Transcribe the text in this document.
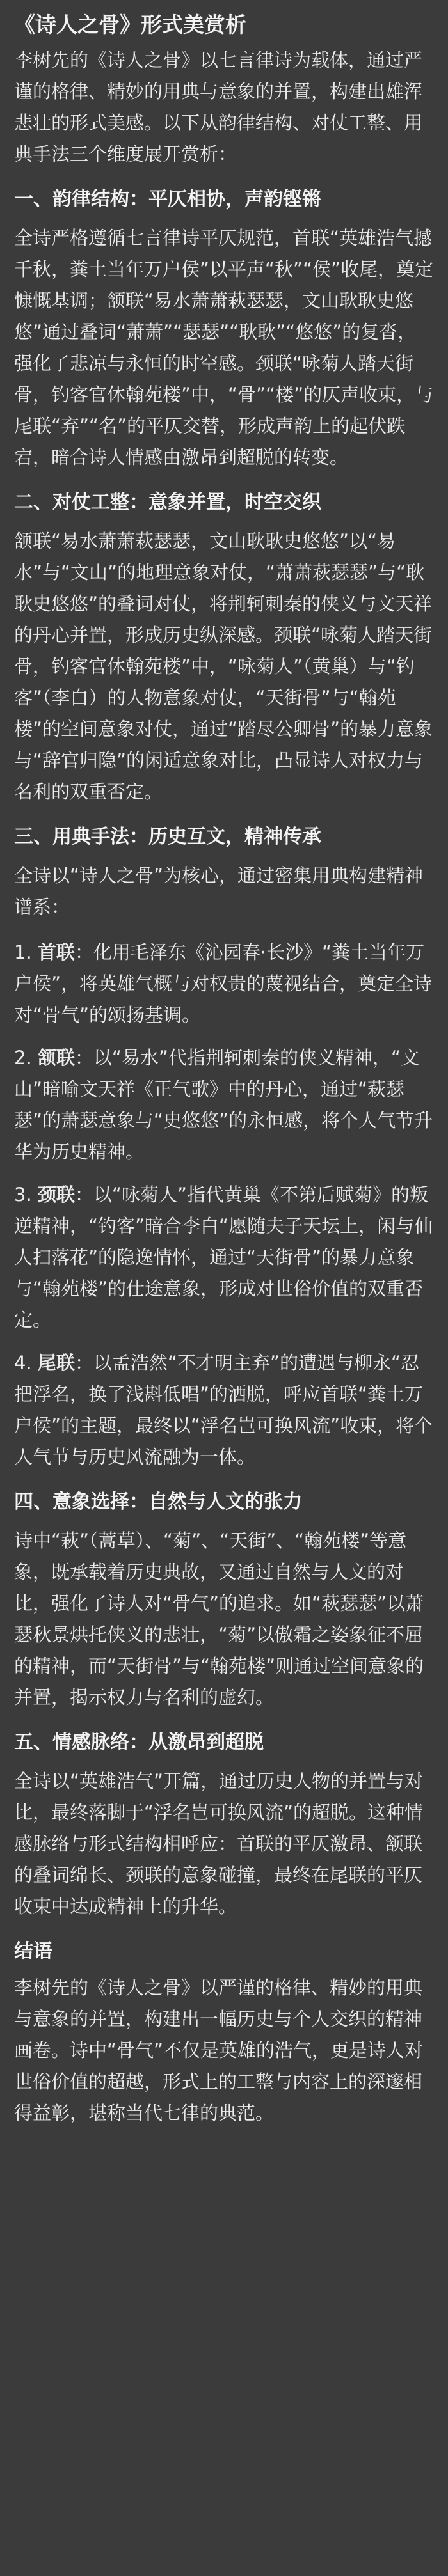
《诗人之骨》形式美赏析

李树先的《诗人之骨》以七言律诗为载体，通过严谨的格律、精妙的用典与意象的并置，构建出雄浑悲壮的形式美感。以下从韵律结构、对仗工整、用典手法三个维度展开赏析：

一、韵律结构：平仄相协，声韵铿锵

全诗严格遵循七言律诗平仄规范，首联“英雄浩气撼千秋，粪土当年万户侯”以平声“秋”“侯”收尾，奠定慷慨基调；颔联“易水萧萧萩瑟瑟，文山耿耿史悠悠”通过叠词“萧萧”“瑟瑟”“耿耿”“悠悠”的复沓，强化了悲凉与永恒的时空感。颈联“咏菊人踏天街骨，钓客官休翰苑楼”中，“骨”“楼”的仄声收束，与尾联“弃”“名”的平仄交替，形成声韵上的起伏跌宕，暗合诗人情感由激昂到超脱的转变。

二、对仗工整：意象并置，时空交织

颔联“易水萧萧萩瑟瑟，文山耿耿史悠悠”以“易水”与“文山”的地理意象对仗，“萧萧萩瑟瑟”与“耿耿史悠悠”的叠词对仗，将荆轲刺秦的侠义与文天祥的丹心并置，形成历史纵深感。颈联“咏菊人踏天街骨，钓客官休翰苑楼”中，“咏菊人”（黄巢）与“钓客”（李白）的人物意象对仗，“天街骨”与“翰苑楼”的空间意象对仗，通过“踏尽公卿骨”的暴力意象与“辞官归隐”的闲适意象对比，凸显诗人对权力与名利的双重否定。

三、用典手法：历史互文，精神传承

全诗以“诗人之骨”为核心，通过密集用典构建精神谱系：

1. 首联：化用毛泽东《沁园春·长沙》“粪土当年万户侯”，将英雄气概与对权贵的蔑视结合，奠定全诗对“骨气”的颂扬基调。
2. 颔联：以“易水”代指荆轲刺秦的侠义精神，“文山”暗喻文天祥《正气歌》中的丹心，通过“萩瑟瑟”的萧瑟意象与“史悠悠”的永恒感，将个人气节升华为历史精神。
3. 颈联：以“咏菊人”指代黄巢《不第后赋菊》的叛逆精神，“钓客”暗合李白“愿随夫子天坛上，闲与仙人扫落花”的隐逸情怀，通过“天街骨”的暴力意象与“翰苑楼”的仕途意象，形成对世俗价值的双重否定。
4. 尾联：以孟浩然“不才明主弃”的遭遇与柳永“忍把浮名，换了浅斟低唱”的洒脱，呼应首联“粪土万户侯”的主题，最终以“浮名岂可换风流”收束，将个人气节与历史风流融为一体。
四、意象选择：自然与人文的张力

诗中“萩”（蒿草）、“菊”、“天街”、“翰苑楼”等意象，既承载着历史典故，又通过自然与人文的对比，强化了诗人对“骨气”的追求。如“萩瑟瑟”以萧瑟秋景烘托侠义的悲壮，“菊”以傲霜之姿象征不屈的精神，而“天街骨”与“翰苑楼”则通过空间意象的并置，揭示权力与名利的虚幻。

五、情感脉络：从激昂到超脱

全诗以“英雄浩气”开篇，通过历史人物的并置与对比，最终落脚于“浮名岂可换风流”的超脱。这种情感脉络与形式结构相呼应：首联的平仄激昂、颔联的叠词绵长、颈联的意象碰撞，最终在尾联的平仄收束中达成精神上的升华。

结语

李树先的《诗人之骨》以严谨的格律、精妙的用典与意象的并置，构建出一幅历史与个人交织的精神画卷。诗中“骨气”不仅是英雄的浩气，更是诗人对世俗价值的超越，形式上的工整与内容上的深邃相得益彰，堪称当代七律的典范。
